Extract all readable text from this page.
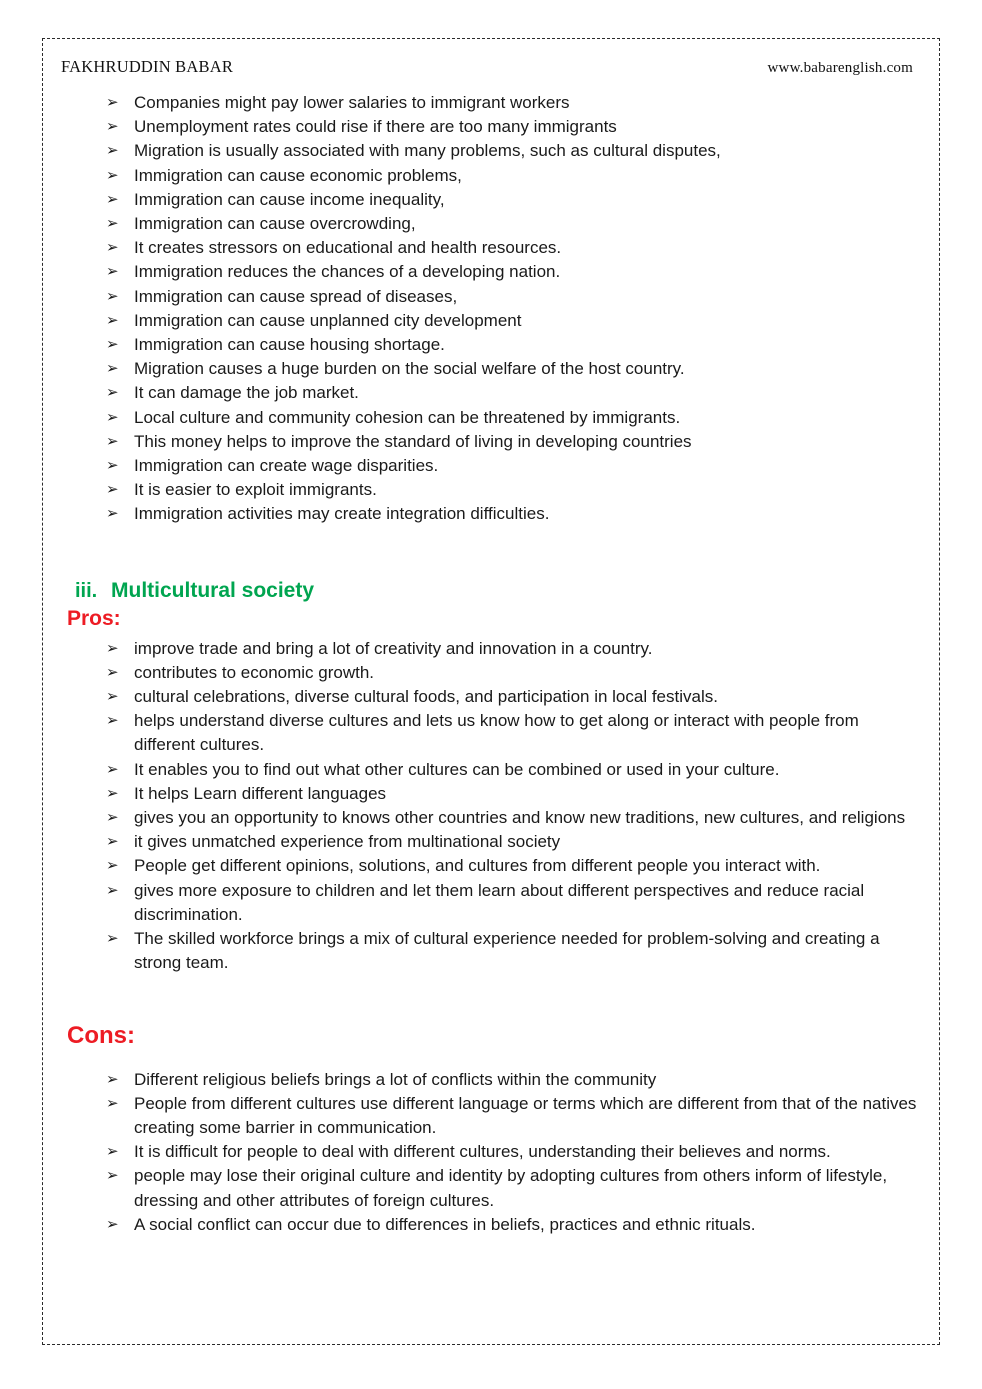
FAKHRUDDIN BABAR	www.babarenglish.com
➢ Companies might pay lower salaries to immigrant workers
➢ Unemployment rates could rise if there are too many immigrants
➢ Migration is usually associated with many problems, such as cultural disputes,
➢ Immigration can cause economic problems,
➢ Immigration can cause income inequality,
➢ Immigration can cause overcrowding,
➢ It creates stressors on educational and health resources.
➢ Immigration reduces the chances of a developing nation.
➢ Immigration can cause spread of diseases,
➢ Immigration can cause unplanned city development
➢ Immigration can cause housing shortage.
➢ Migration causes a huge burden on the social welfare of the host country.
➢ It can damage the job market.
➢ Local culture and community cohesion can be threatened by immigrants.
➢ This money helps to improve the standard of living in developing countries
➢ Immigration can create wage disparities.
➢ It is easier to exploit immigrants.
➢ Immigration activities may create integration difficulties.
iii. Multicultural society
Pros:
➢ improve trade and bring a lot of creativity and innovation in a country.
➢ contributes to economic growth.
➢ cultural celebrations, diverse cultural foods, and participation in local festivals.
➢ helps understand diverse cultures and lets us know how to get along or interact with people from different cultures.
➢ It enables you to find out what other cultures can be combined or used in your culture.
➢ It helps Learn different languages
➢ gives you an opportunity to knows other countries and know new traditions, new cultures, and religions
➢ it gives unmatched experience from multinational society
➢ People get different opinions, solutions, and cultures from different people you interact with.
➢ gives more exposure to children and let them learn about different perspectives and reduce racial discrimination.
➢ The skilled workforce brings a mix of cultural experience needed for problem-solving and creating a strong team.
Cons:
➢ Different religious beliefs brings a lot of conflicts within the community
➢ People from different cultures use different language or terms which are different from that of the natives creating some barrier in communication.
➢ It is difficult for people to deal with different cultures, understanding their believes and norms.
➢ people may lose their original culture and identity by adopting cultures from others inform of lifestyle, dressing and other attributes of foreign cultures.
➢ A social conflict can occur due to differences in beliefs, practices and ethnic rituals.
